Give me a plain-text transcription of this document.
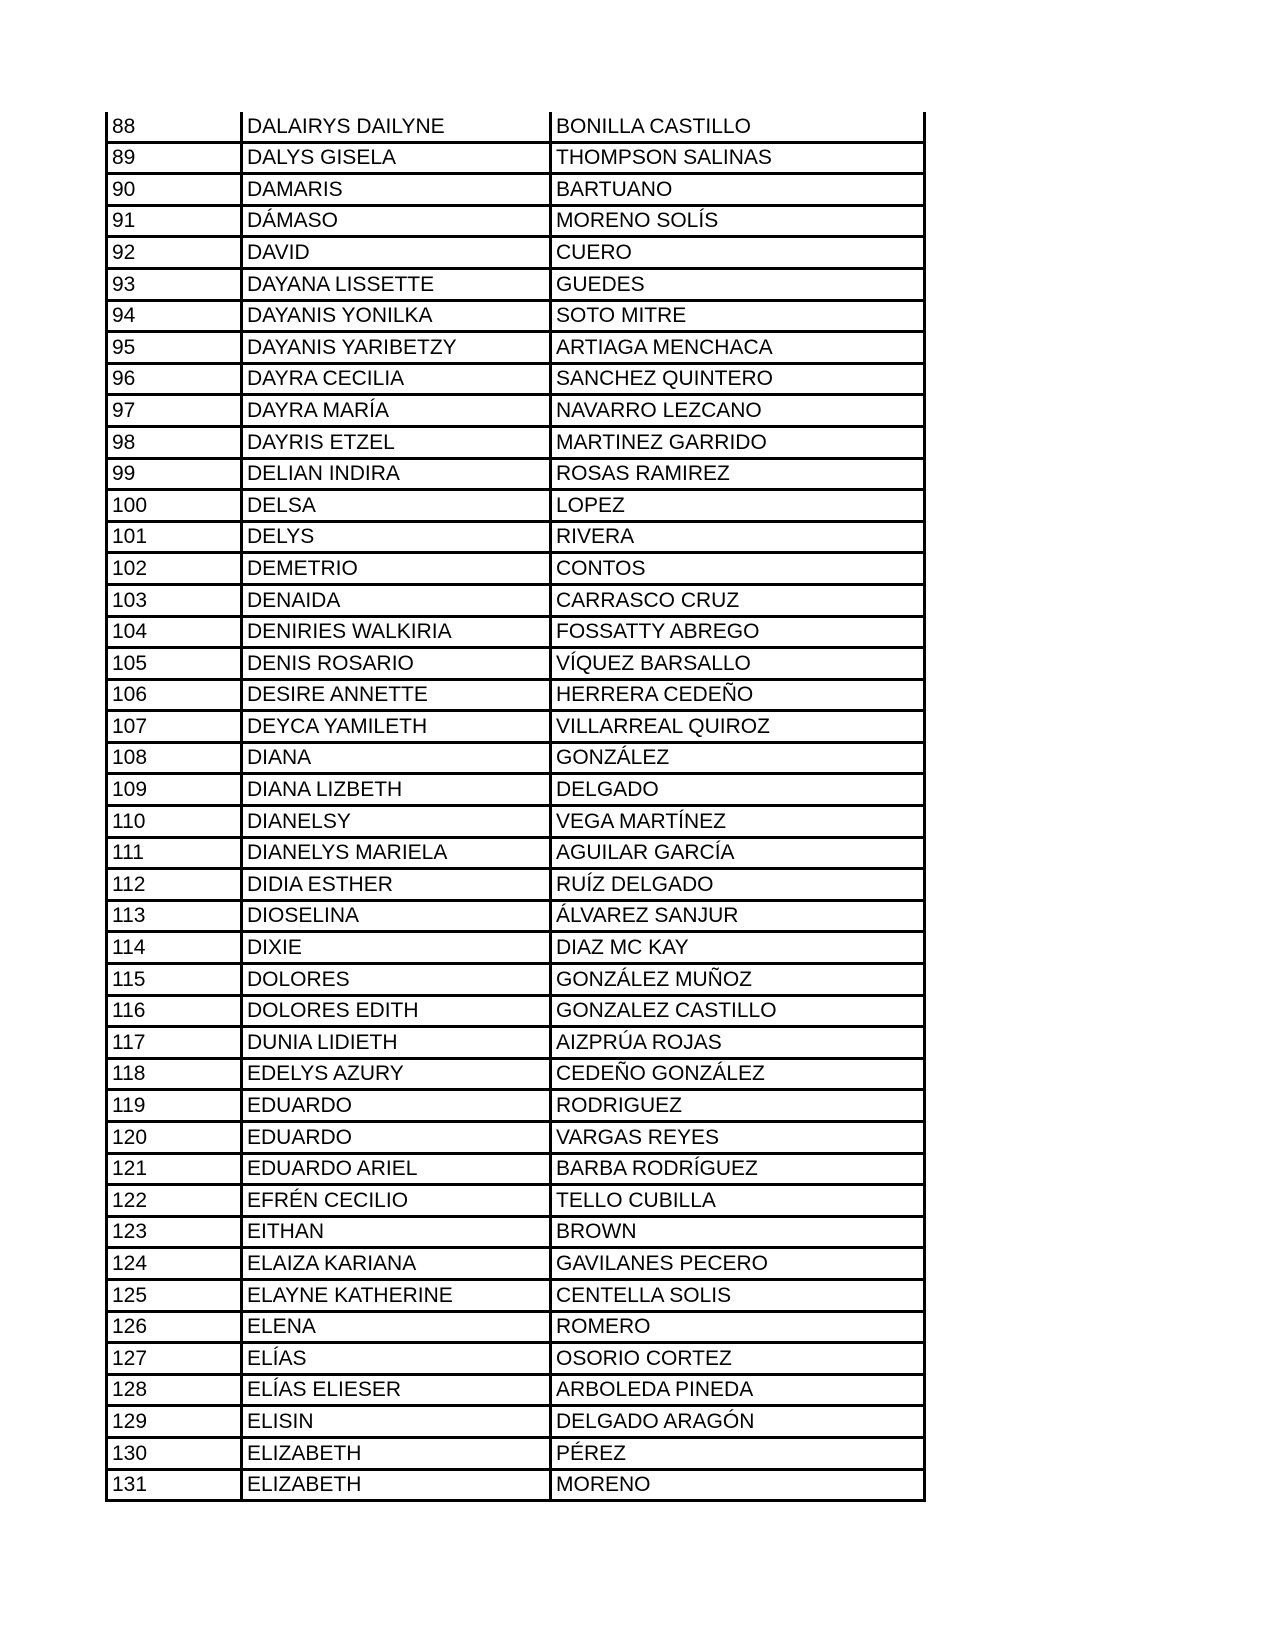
88	DALAIRYS DAILYNE	BONILLA CASTILLO
89	DALYS GISELA	THOMPSON SALINAS
90	DAMARIS	BARTUANO
91	DÁMASO	MORENO SOLÍS
92	DAVID	CUERO
93	DAYANA LISSETTE	GUEDES
94	DAYANIS YONILKA	SOTO MITRE
95	DAYANIS YARIBETZY	ARTIAGA MENCHACA
96	DAYRA CECILIA	SANCHEZ QUINTERO
97	DAYRA MARÍA	NAVARRO LEZCANO
98	DAYRIS ETZEL	MARTINEZ GARRIDO
99	DELIAN INDIRA	ROSAS RAMIREZ
100	DELSA	LOPEZ
101	DELYS	RIVERA
102	DEMETRIO	CONTOS
103	DENAIDA	CARRASCO CRUZ
104	DENIRIES WALKIRIA	FOSSATTY ABREGO
105	DENIS ROSARIO	VÍQUEZ BARSALLO
106	DESIRE ANNETTE	HERRERA CEDEÑO
107	DEYCA YAMILETH	VILLARREAL QUIROZ
108	DIANA	GONZÁLEZ
109	DIANA LIZBETH	DELGADO
110	DIANELSY	VEGA MARTÍNEZ
111	DIANELYS MARIELA	AGUILAR GARCÍA
112	DIDIA ESTHER	RUÍZ DELGADO
113	DIOSELINA	ÁLVAREZ SANJUR
114	DIXIE	DIAZ MC KAY
115	DOLORES	GONZÁLEZ MUÑOZ
116	DOLORES EDITH	GONZALEZ CASTILLO
117	DUNIA LIDIETH	AIZPRÚA ROJAS
118	EDELYS AZURY	CEDEÑO GONZÁLEZ
119	EDUARDO	RODRIGUEZ
120	EDUARDO	VARGAS REYES
121	EDUARDO ARIEL	BARBA RODRÍGUEZ
122	EFRÉN CECILIO	TELLO CUBILLA
123	EITHAN	BROWN
124	ELAIZA KARIANA	GAVILANES PECERO
125	ELAYNE KATHERINE	CENTELLA SOLIS
126	ELENA	ROMERO
127	ELÍAS	OSORIO CORTEZ
128	ELÍAS ELIESER	ARBOLEDA PINEDA
129	ELISIN	DELGADO ARAGÓN
130	ELIZABETH	PÉREZ
131	ELIZABETH	MORENO
